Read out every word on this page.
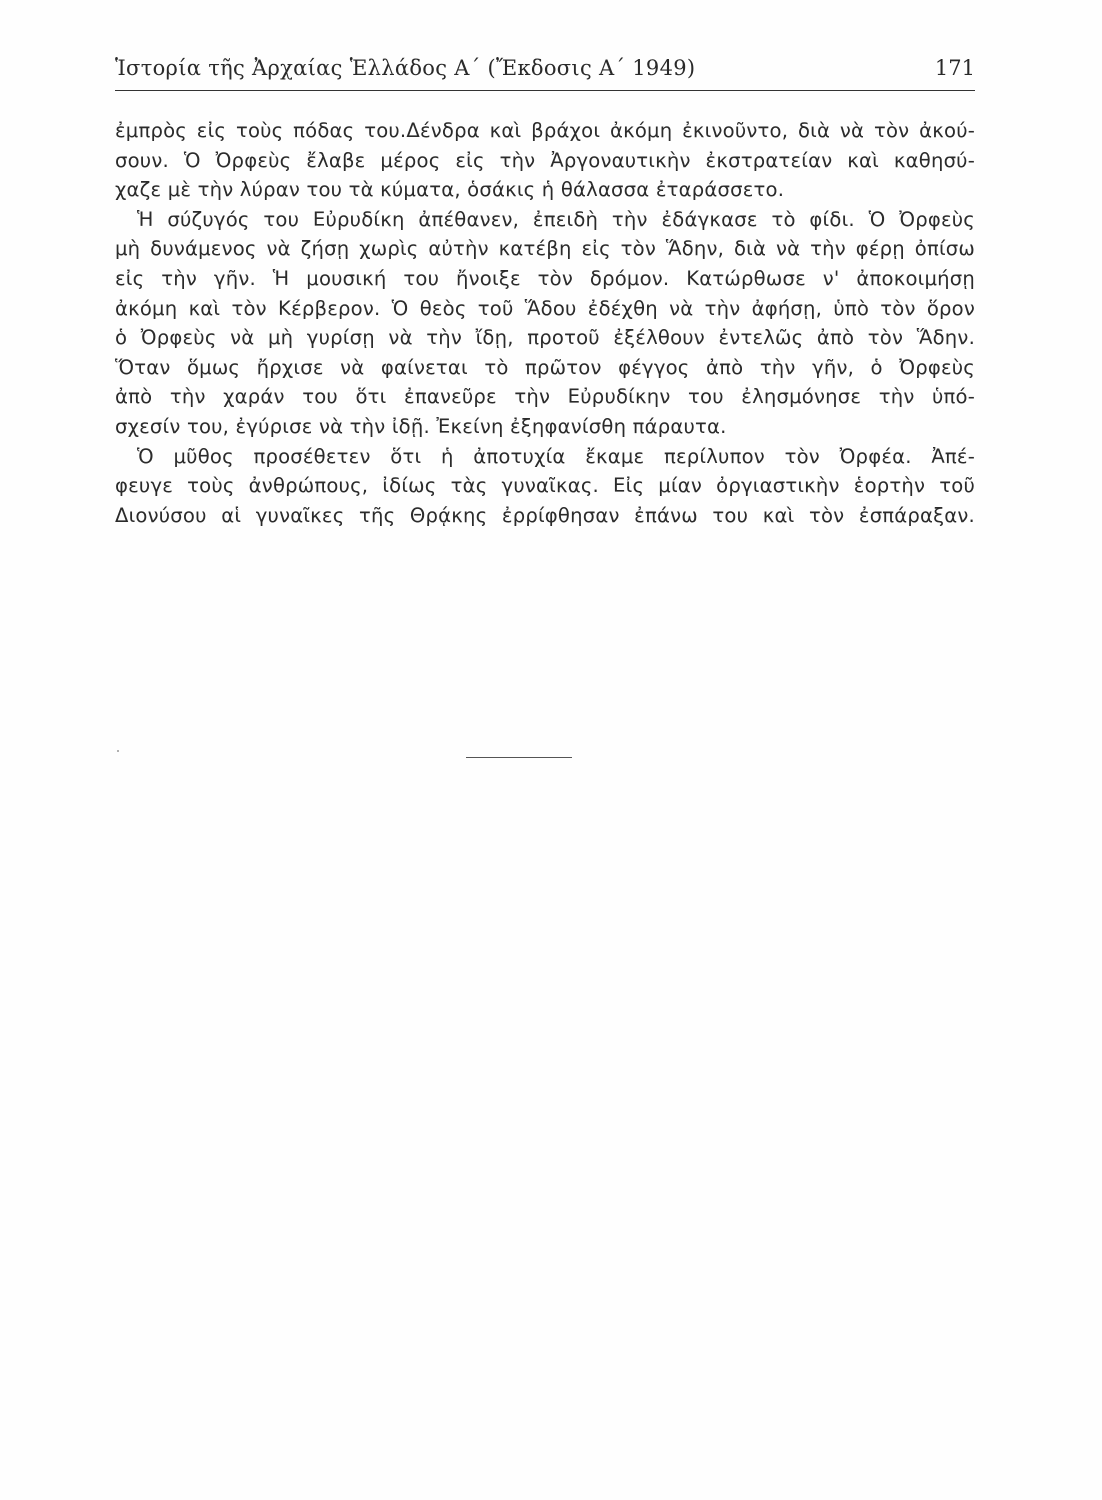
Ἱστορία τῆς Ἀρχαίας Ἑλλάδος Α΄ (Ἔκδοσις Α΄ 1949)	171
ἐμπρὸς εἰς τοὺς πόδας του.Δένδρα καὶ βράχοι ἀκόμη ἐκινοῦντο, διὰ νὰ τὸν ἀκού-
σουν. Ὁ Ὀρφεὺς ἔλαβε μέρος εἰς τὴν Ἀργοναυτικὴν ἐκστρατείαν καὶ καθησύ-
χαζε μὲ τὴν λύραν του τὰ κύματα, ὁσάκις ἡ θάλασσα ἐταράσσετο.
Ἡ σύζυγός του Εὐρυδίκη ἀπέθανεν, ἐπειδὴ τὴν ἐδάγκασε τὸ φίδι. Ὁ Ὀρφεὺς
μὴ δυνάμενος νὰ ζήσῃ χωρὶς αὐτὴν κατέβη εἰς τὸν Ἅδην, διὰ νὰ τὴν φέρῃ ὀπίσω
εἰς τὴν γῆν. Ἡ μουσική του ἤνοιξε τὸν δρόμον. Κατώρθωσε ν' ἀποκοιμήσῃ
ἀκόμη καὶ τὸν Κέρβερον. Ὁ θεὸς τοῦ Ἅδου ἐδέχθη νὰ τὴν ἀφήσῃ, ὑπὸ τὸν ὅρον
ὁ Ὀρφεὺς νὰ μὴ γυρίσῃ νὰ τὴν ἴδῃ, προτοῦ ἐξέλθουν ἐντελῶς ἀπὸ τὸν Ἅδην.
Ὅταν ὅμως ἤρχισε νὰ φαίνεται τὸ πρῶτον φέγγος ἀπὸ τὴν γῆν, ὁ Ὀρφεὺς
ἀπὸ τὴν χαράν του ὅτι ἐπανεῦρε τὴν Εὐρυδίκην του ἐλησμόνησε τὴν ὑπό-
σχεσίν του, ἐγύρισε νὰ τὴν ἰδῇ. Ἐκείνη ἐξηφανίσθη πάραυτα.
Ὁ μῦθος προσέθετεν ὅτι ἡ ἀποτυχία ἔκαμε περίλυπον τὸν Ὀρφέα. Ἀπέ-
φευγε τοὺς ἀνθρώπους, ἰδίως τὰς γυναῖκας. Εἰς μίαν ὀργιαστικὴν ἑορτὴν τοῦ
Διονύσου αἱ γυναῖκες τῆς Θρᾴκης ἐρρίφθησαν ἐπάνω του καὶ τὸν ἐσπάραξαν.
